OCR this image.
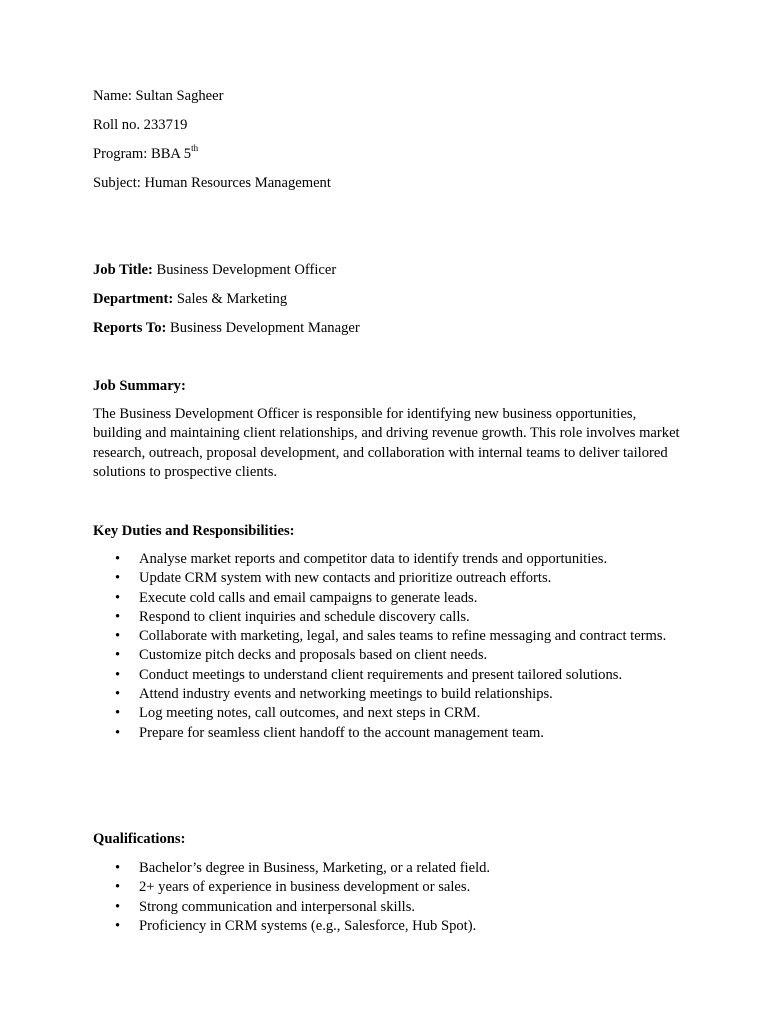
Name: Sultan Sagheer
Roll no. 233719
Program: BBA 5th
Subject: Human Resources Management
Job Title: Business Development Officer
Department: Sales & Marketing
Reports To: Business Development Manager
Job Summary:
The Business Development Officer is responsible for identifying new business opportunities, building and maintaining client relationships, and driving revenue growth. This role involves market research, outreach, proposal development, and collaboration with internal teams to deliver tailored solutions to prospective clients.
Key Duties and Responsibilities:
• Analyse market reports and competitor data to identify trends and opportunities.
• Update CRM system with new contacts and prioritize outreach efforts.
• Execute cold calls and email campaigns to generate leads.
• Respond to client inquiries and schedule discovery calls.
• Collaborate with marketing, legal, and sales teams to refine messaging and contract terms.
• Customize pitch decks and proposals based on client needs.
• Conduct meetings to understand client requirements and present tailored solutions.
• Attend industry events and networking meetings to build relationships.
• Log meeting notes, call outcomes, and next steps in CRM.
• Prepare for seamless client handoff to the account management team.
Qualifications:
• Bachelor’s degree in Business, Marketing, or a related field.
• 2+ years of experience in business development or sales.
• Strong communication and interpersonal skills.
• Proficiency in CRM systems (e.g., Salesforce, Hub Spot).
